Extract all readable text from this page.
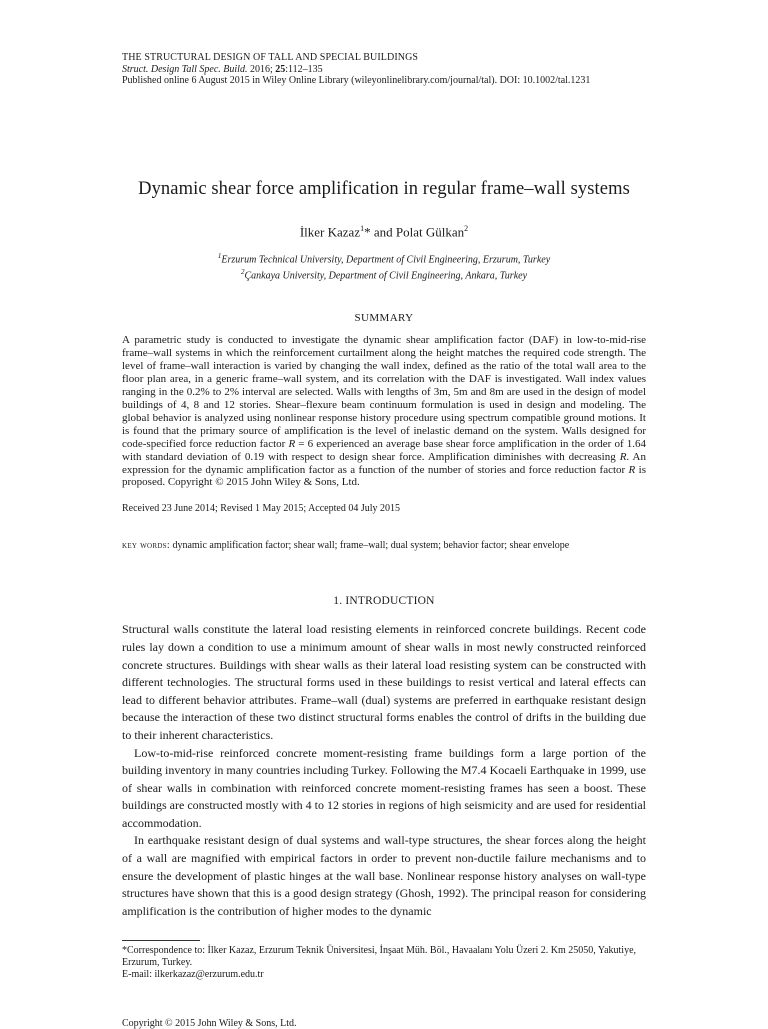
THE STRUCTURAL DESIGN OF TALL AND SPECIAL BUILDINGS
Struct. Design Tall Spec. Build. 2016; 25:112–135
Published online 6 August 2015 in Wiley Online Library (wileyonlinelibrary.com/journal/tal). DOI: 10.1002/tal.1231
Dynamic shear force amplification in regular frame–wall systems
İlker Kazaz$^1$* and Polat Gülkan$^2$
$^1$Erzurum Technical University, Department of Civil Engineering, Erzurum, Turkey
$^2$Çankaya University, Department of Civil Engineering, Ankara, Turkey
SUMMARY
A parametric study is conducted to investigate the dynamic shear amplification factor (DAF) in low-to-mid-rise frame–wall systems in which the reinforcement curtailment along the height matches the required code strength. The level of frame–wall interaction is varied by changing the wall index, defined as the ratio of the total wall area to the floor plan area, in a generic frame–wall system, and its correlation with the DAF is investigated. Wall index values ranging in the 0.2% to 2% interval are selected. Walls with lengths of 3m, 5m and 8m are used in the design of model buildings of 4, 8 and 12 stories. Shear–flexure beam continuum formulation is used in design and modeling. The global behavior is analyzed using nonlinear response history procedure using spectrum compatible ground motions. It is found that the primary source of amplification is the level of inelastic demand on the system. Walls designed for code-specified force reduction factor R = 6 experienced an average base shear force amplification in the order of 1.64 with standard deviation of 0.19 with respect to design shear force. Amplification diminishes with decreasing R. An expression for the dynamic amplification factor as a function of the number of stories and force reduction factor R is proposed. Copyright © 2015 John Wiley & Sons, Ltd.
Received 23 June 2014; Revised 1 May 2015; Accepted 04 July 2015
key words: dynamic amplification factor; shear wall; frame–wall; dual system; behavior factor; shear envelope
1. INTRODUCTION

Structural walls constitute the lateral load resisting elements in reinforced concrete buildings. Recent code rules lay down a condition to use a minimum amount of shear walls in most newly constructed reinforced concrete structures. Buildings with shear walls as their lateral load resisting system can be constructed with different technologies. The structural forms used in these buildings to resist vertical and lateral effects can lead to different behavior attributes. Frame–wall (dual) systems are preferred in earthquake resistant design because the interaction of these two distinct structural forms enables the control of drifts in the building due to their inherent characteristics.

Low-to-mid-rise reinforced concrete moment-resisting frame buildings form a large portion of the building inventory in many countries including Turkey. Following the M7.4 Kocaeli Earthquake in 1999, use of shear walls in combination with reinforced concrete moment-resisting frames has seen a boost. These buildings are constructed mostly with 4 to 12 stories in regions of high seismicity and are used for residential accommodation.

In earthquake resistant design of dual systems and wall-type structures, the shear forces along the height of a wall are magnified with empirical factors in order to prevent non-ductile failure mechanisms and to ensure the development of plastic hinges at the wall base. Nonlinear response history analyses on wall-type structures have shown that this is a good design strategy (Ghosh, 1992). The principal reason for considering amplification is the contribution of higher modes to the dynamic

*Correspondence to: İlker Kazaz, Erzurum Teknik Üniversitesi, İnşaat Müh. Böl., Havaalanı Yolu Üzeri 2. Km 25050, Yakutiye, Erzurum, Turkey.
E-mail: ilkerkazaz@erzurum.edu.tr
Copyright © 2015 John Wiley & Sons, Ltd.
